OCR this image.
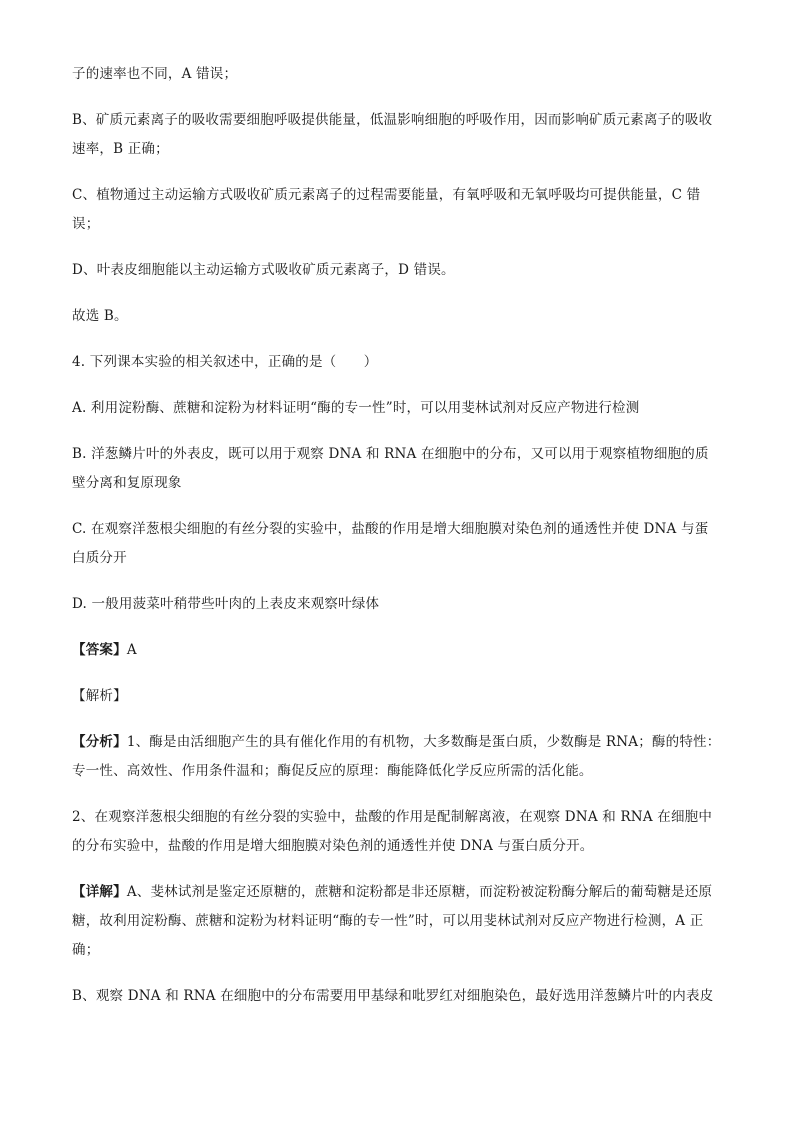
子的速率也不同，A 错误；

B、矿质元素离子的吸收需要细胞呼吸提供能量，低温影响细胞的呼吸作用，因而影响矿质元素离子的吸收速率，B 正确；

C、植物通过主动运输方式吸收矿质元素离子的过程需要能量，有氧呼吸和无氧呼吸均可提供能量，C 错误；

D、叶表皮细胞能以主动运输方式吸收矿质元素离子，D 错误。

故选 B。

4. 下列课本实验的相关叙述中，正确的是（　　）

A. 利用淀粉酶、蔗糖和淀粉为材料证明“酶的专一性”时，可以用斐林试剂对反应产物进行检测

B. 洋葱鳞片叶的外表皮，既可以用于观察 DNA 和 RNA 在细胞中的分布，又可以用于观察植物细胞的质壁分离和复原现象

C. 在观察洋葱根尖细胞的有丝分裂的实验中，盐酸的作用是增大细胞膜对染色剂的通透性并使 DNA 与蛋白质分开

D. 一般用菠菜叶稍带些叶肉的上表皮来观察叶绿体

【答案】A

【解析】

【分析】1、酶是由活细胞产生的具有催化作用的有机物，大多数酶是蛋白质，少数酶是 RNA；酶的特性：专一性、高效性、作用条件温和；酶促反应的原理：酶能降低化学反应所需的活化能。

2、在观察洋葱根尖细胞的有丝分裂的实验中，盐酸的作用是配制解离液，在观察 DNA 和 RNA 在细胞中的分布实验中，盐酸的作用是增大细胞膜对染色剂的通透性并使 DNA 与蛋白质分开。

【详解】A、斐林试剂是鉴定还原糖的，蔗糖和淀粉都是非还原糖，而淀粉被淀粉酶分解后的葡萄糖是还原糖，故利用淀粉酶、蔗糖和淀粉为材料证明“酶的专一性”时，可以用斐林试剂对反应产物进行检测，A 正确；

B、观察 DNA 和 RNA 在细胞中的分布需要用甲基绿和吡罗红对细胞染色，最好选用洋葱鳞片叶的内表皮
